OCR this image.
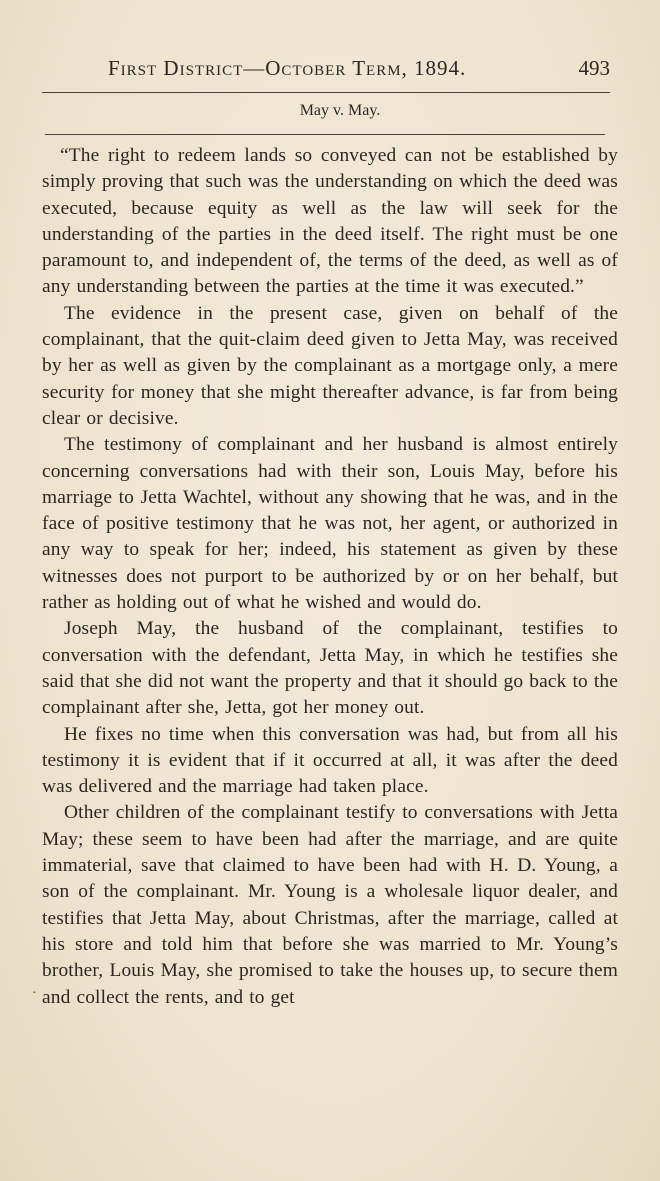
First District—October Term, 1894.	493
May v. May.
·

“The right to redeem lands so conveyed can not be established by simply proving that such was the understanding on which the deed was executed, because equity as well as the law will seek for the understanding of the parties in the deed itself. The right must be one paramount to, and independent of, the terms of the deed, as well as of any understanding between the parties at the time it was executed.”

The evidence in the present case, given on behalf of the complainant, that the quit-claim deed given to Jetta May, was received by her as well as given by the complainant as a mortgage only, a mere security for money that she might thereafter advance, is far from being clear or decisive.

The testimony of complainant and her husband is almost entirely concerning conversations had with their son, Louis May, before his marriage to Jetta Wachtel, without any showing that he was, and in the face of positive testimony that he was not, her agent, or authorized in any way to speak for her; indeed, his statement as given by these witnesses does not purport to be authorized by or on her behalf, but rather as holding out of what he wished and would do.

Joseph May, the husband of the complainant, testifies to conversation with the defendant, Jetta May, in which he testifies she said that she did not want the property and that it should go back to the complainant after she, Jetta, got her money out.

He fixes no time when this conversation was had, but from all his testimony it is evident that if it occurred at all, it was after the deed was delivered and the marriage had taken place.

Other children of the complainant testify to conversations with Jetta May; these seem to have been had after the marriage, and are quite immaterial, save that claimed to have been had with H. D. Young, a son of the complainant. Mr. Young is a wholesale liquor dealer, and testifies that Jetta May, about Christmas, after the marriage, called at his store and told him that before she was married to Mr. Young’s brother, Louis May, she promised to take the houses up, to secure them and collect the rents, and to get
